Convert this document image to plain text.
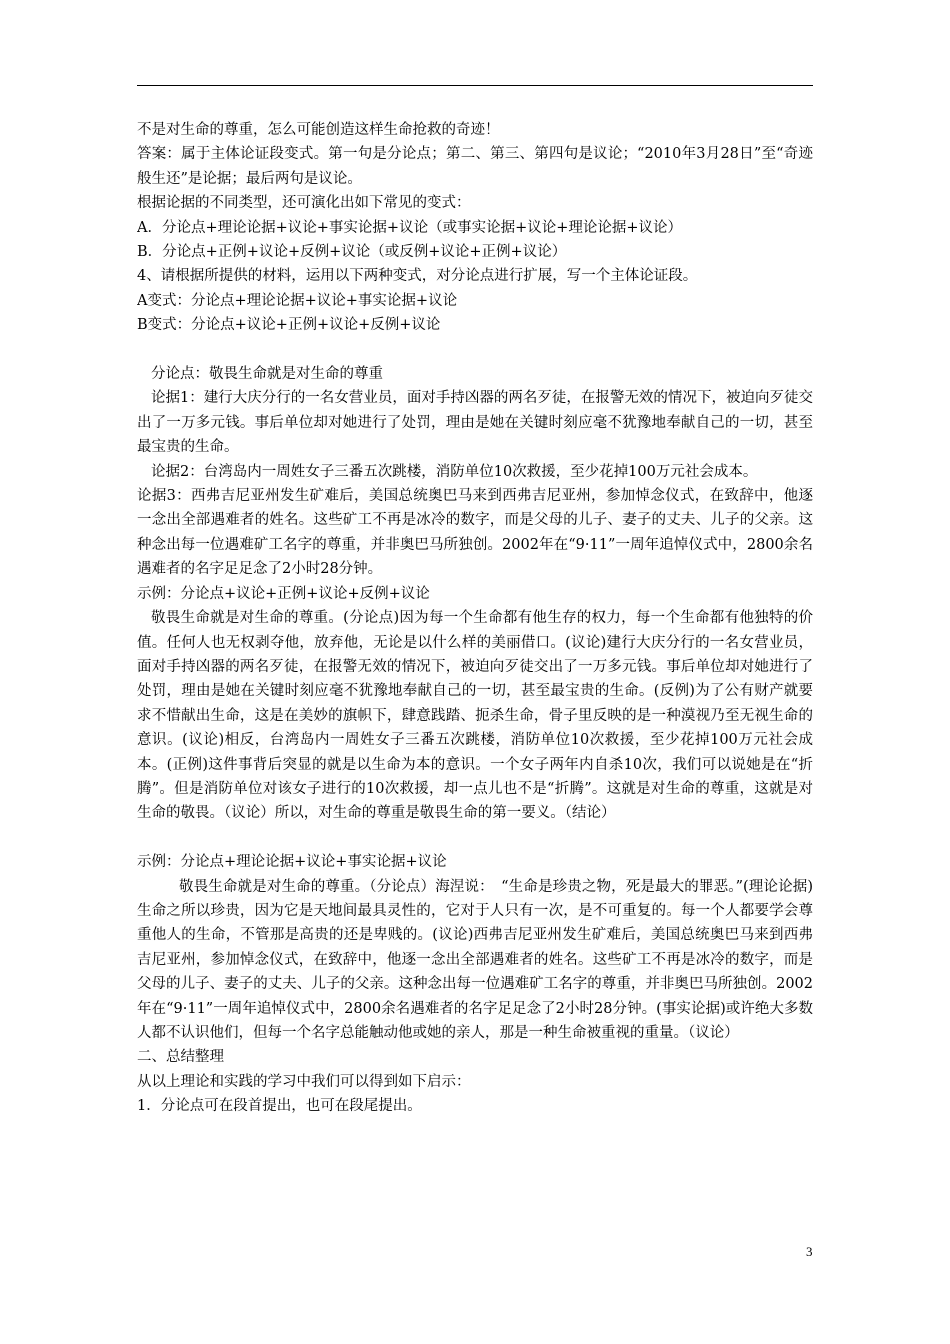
不是对生命的尊重，怎么可能创造这样生命抢救的奇迹！

答案：属于主体论证段变式。第一句是分论点；第二、第三、第四句是议论；“2010年3月28日”至“奇迹般生还”是论据；最后两句是议论。

根据论据的不同类型，还可演化出如下常见的变式：
A．分论点+理论论据+议论+事实论据+议论（或事实论据+议论+理论论据+议论）
B．分论点+正例+议论+反例+议论（或反例+议论+正例+议论）
4、请根据所提供的材料，运用以下两种变式，对分论点进行扩展，写一个主体论证段。
A变式：分论点+理论论据+议论+事实论据+议论
B变式：分论点+议论+正例+议论+反例+议论

分论点：敬畏生命就是对生命的尊重

论据1：建行大庆分行的一名女营业员，面对手持凶器的两名歹徒，在报警无效的情况下，被迫向歹徒交出了一万多元钱。事后单位却对她进行了处罚，理由是她在关键时刻应毫不犹豫地奉献自己的一切，甚至最宝贵的生命。

论据2：台湾岛内一周姓女子三番五次跳楼，消防单位10次救援，至少花掉100万元社会成本。

论据3：西弗吉尼亚州发生矿难后，美国总统奥巴马来到西弗吉尼亚州，参加悼念仪式，在致辞中，他逐一念出全部遇难者的姓名。这些矿工不再是冰冷的数字，而是父母的儿子、妻子的丈夫、儿子的父亲。这种念出每一位遇难矿工名字的尊重，并非奥巴马所独创。2002年在“9·11”一周年追悼仪式中，2800余名遇难者的名字足足念了2小时28分钟。

示例：分论点+议论+正例+议论+反例+议论

敬畏生命就是对生命的尊重。(分论点)因为每一个生命都有他生存的权力，每一个生命都有他独特的价值。任何人也无权剥夺他，放弃他，无论是以什么样的美丽借口。(议论)建行大庆分行的一名女营业员，面对手持凶器的两名歹徒，在报警无效的情况下，被迫向歹徒交出了一万多元钱。事后单位却对她进行了处罚，理由是她在关键时刻应毫不犹豫地奉献自己的一切，甚至最宝贵的生命。(反例)为了公有财产就要求不惜献出生命，这是在美妙的旗帜下，肆意践踏、扼杀生命，骨子里反映的是一种漠视乃至无视生命的意识。(议论)相反，台湾岛内一周姓女子三番五次跳楼，消防单位10次救援，至少花掉100万元社会成本。(正例)这件事背后突显的就是以生命为本的意识。一个女子两年内自杀10次，我们可以说她是在“折腾”。但是消防单位对该女子进行的10次救援，却一点儿也不是“折腾”。这就是对生命的尊重，这就是对生命的敬畏。（议论）所以，对生命的尊重是敬畏生命的第一要义。（结论）

示例：分论点+理论论据+议论+事实论据+议论

敬畏生命就是对生命的尊重。（分论点）海涅说：　“生命是珍贵之物，死是最大的罪恶。”(理论论据)生命之所以珍贵，因为它是天地间最具灵性的，它对于人只有一次，是不可重复的。每一个人都要学会尊重他人的生命，不管那是高贵的还是卑贱的。(议论)西弗吉尼亚州发生矿难后，美国总统奥巴马来到西弗吉尼亚州，参加悼念仪式，在致辞中，他逐一念出全部遇难者的姓名。这些矿工不再是冰冷的数字，而是父母的儿子、妻子的丈夫、儿子的父亲。这种念出每一位遇难矿工名字的尊重，并非奥巴马所独创。2002年在“9·11”一周年追悼仪式中，2800余名遇难者的名字足足念了2小时28分钟。(事实论据)或许绝大多数人都不认识他们，但每一个名字总能触动他或她的亲人，那是一种生命被重视的重量。（议论）

二、总结整理
从以上理论和实践的学习中我们可以得到如下启示：
1．分论点可在段首提出，也可在段尾提出。
3
